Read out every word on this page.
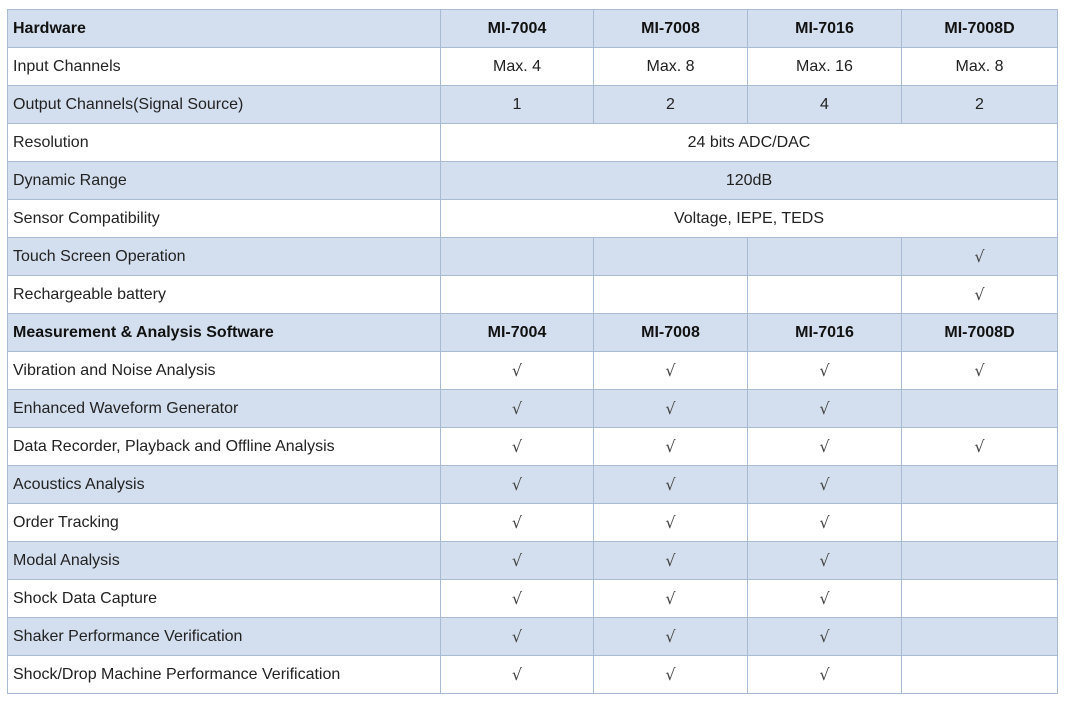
Hardware	MI-7004	MI-7008	MI-7016	MI-7008D
Input Channels	Max. 4	Max. 8	Max. 16	Max. 8
Output Channels(Signal Source)	1	2	4	2
Resolution	24 bits ADC/DAC			
Dynamic Range	120dB			
Sensor Compatibility	Voltage, IEPE, TEDS			
Touch Screen Operation				√
Rechargeable battery				√
Measurement & Analysis Software	MI-7004	MI-7008	MI-7016	MI-7008D
Vibration and Noise Analysis	√	√	√	√
Enhanced Waveform Generator	√	√	√	
Data Recorder, Playback and Offline Analysis	√	√	√	√
Acoustics Analysis	√	√	√	
Order Tracking	√	√	√	
Modal Analysis	√	√	√	
Shock Data Capture	√	√	√	
Shaker Performance Verification	√	√	√	
Shock/Drop Machine Performance Verification	√	√	√	
